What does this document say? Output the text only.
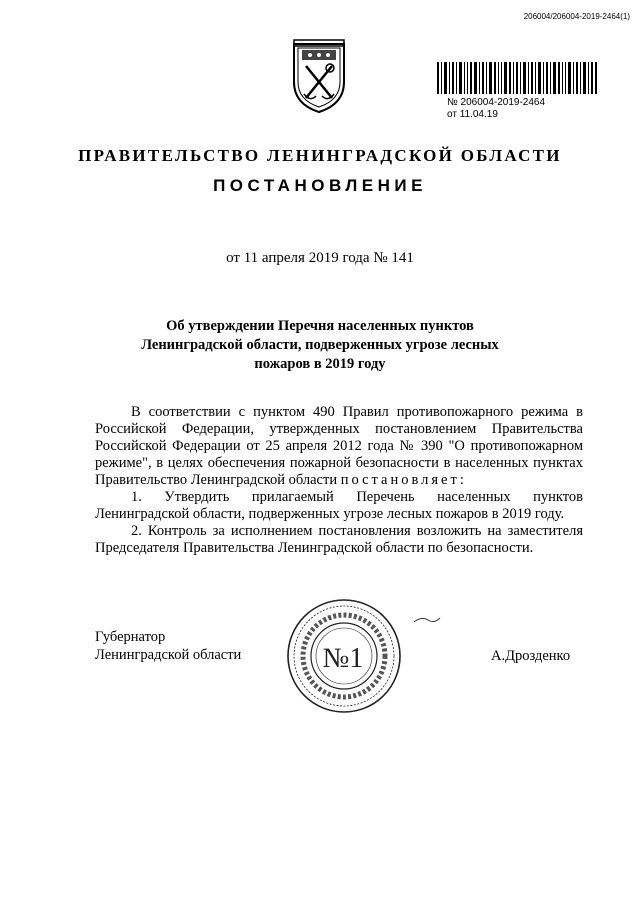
206004/206004-2019-2464(1)
№ 206004-2019-2464
от 11.04.19
ПРАВИТЕЛЬСТВО ЛЕНИНГРАДСКОЙ ОБЛАСТИ
ПОСТАНОВЛЕНИЕ
от 11 апреля 2019 года № 141
Об утверждении Перечня населенных пунктов
Ленинградской области, подверженных угрозе лесных
пожаров в 2019 году

В соответствии с пунктом 490 Правил противопожарного режима в Российской Федерации, утвержденных постановлением Правительства Российской Федерации от 25 апреля 2012 года № 390 "О противопожарном режиме", в целях обеспечения пожарной безопасности в населенных пунктах Правительство Ленинградской области постановляет:

1. Утвердить прилагаемый Перечень населенных пунктов Ленинградской области, подверженных угрозе лесных пожаров в 2019 году.

2. Контроль за исполнением постановления возложить на заместителя Председателя Правительства Ленинградской области по безопасности.

Губернатор
Ленинградской области	№1	А.Дрозденко
